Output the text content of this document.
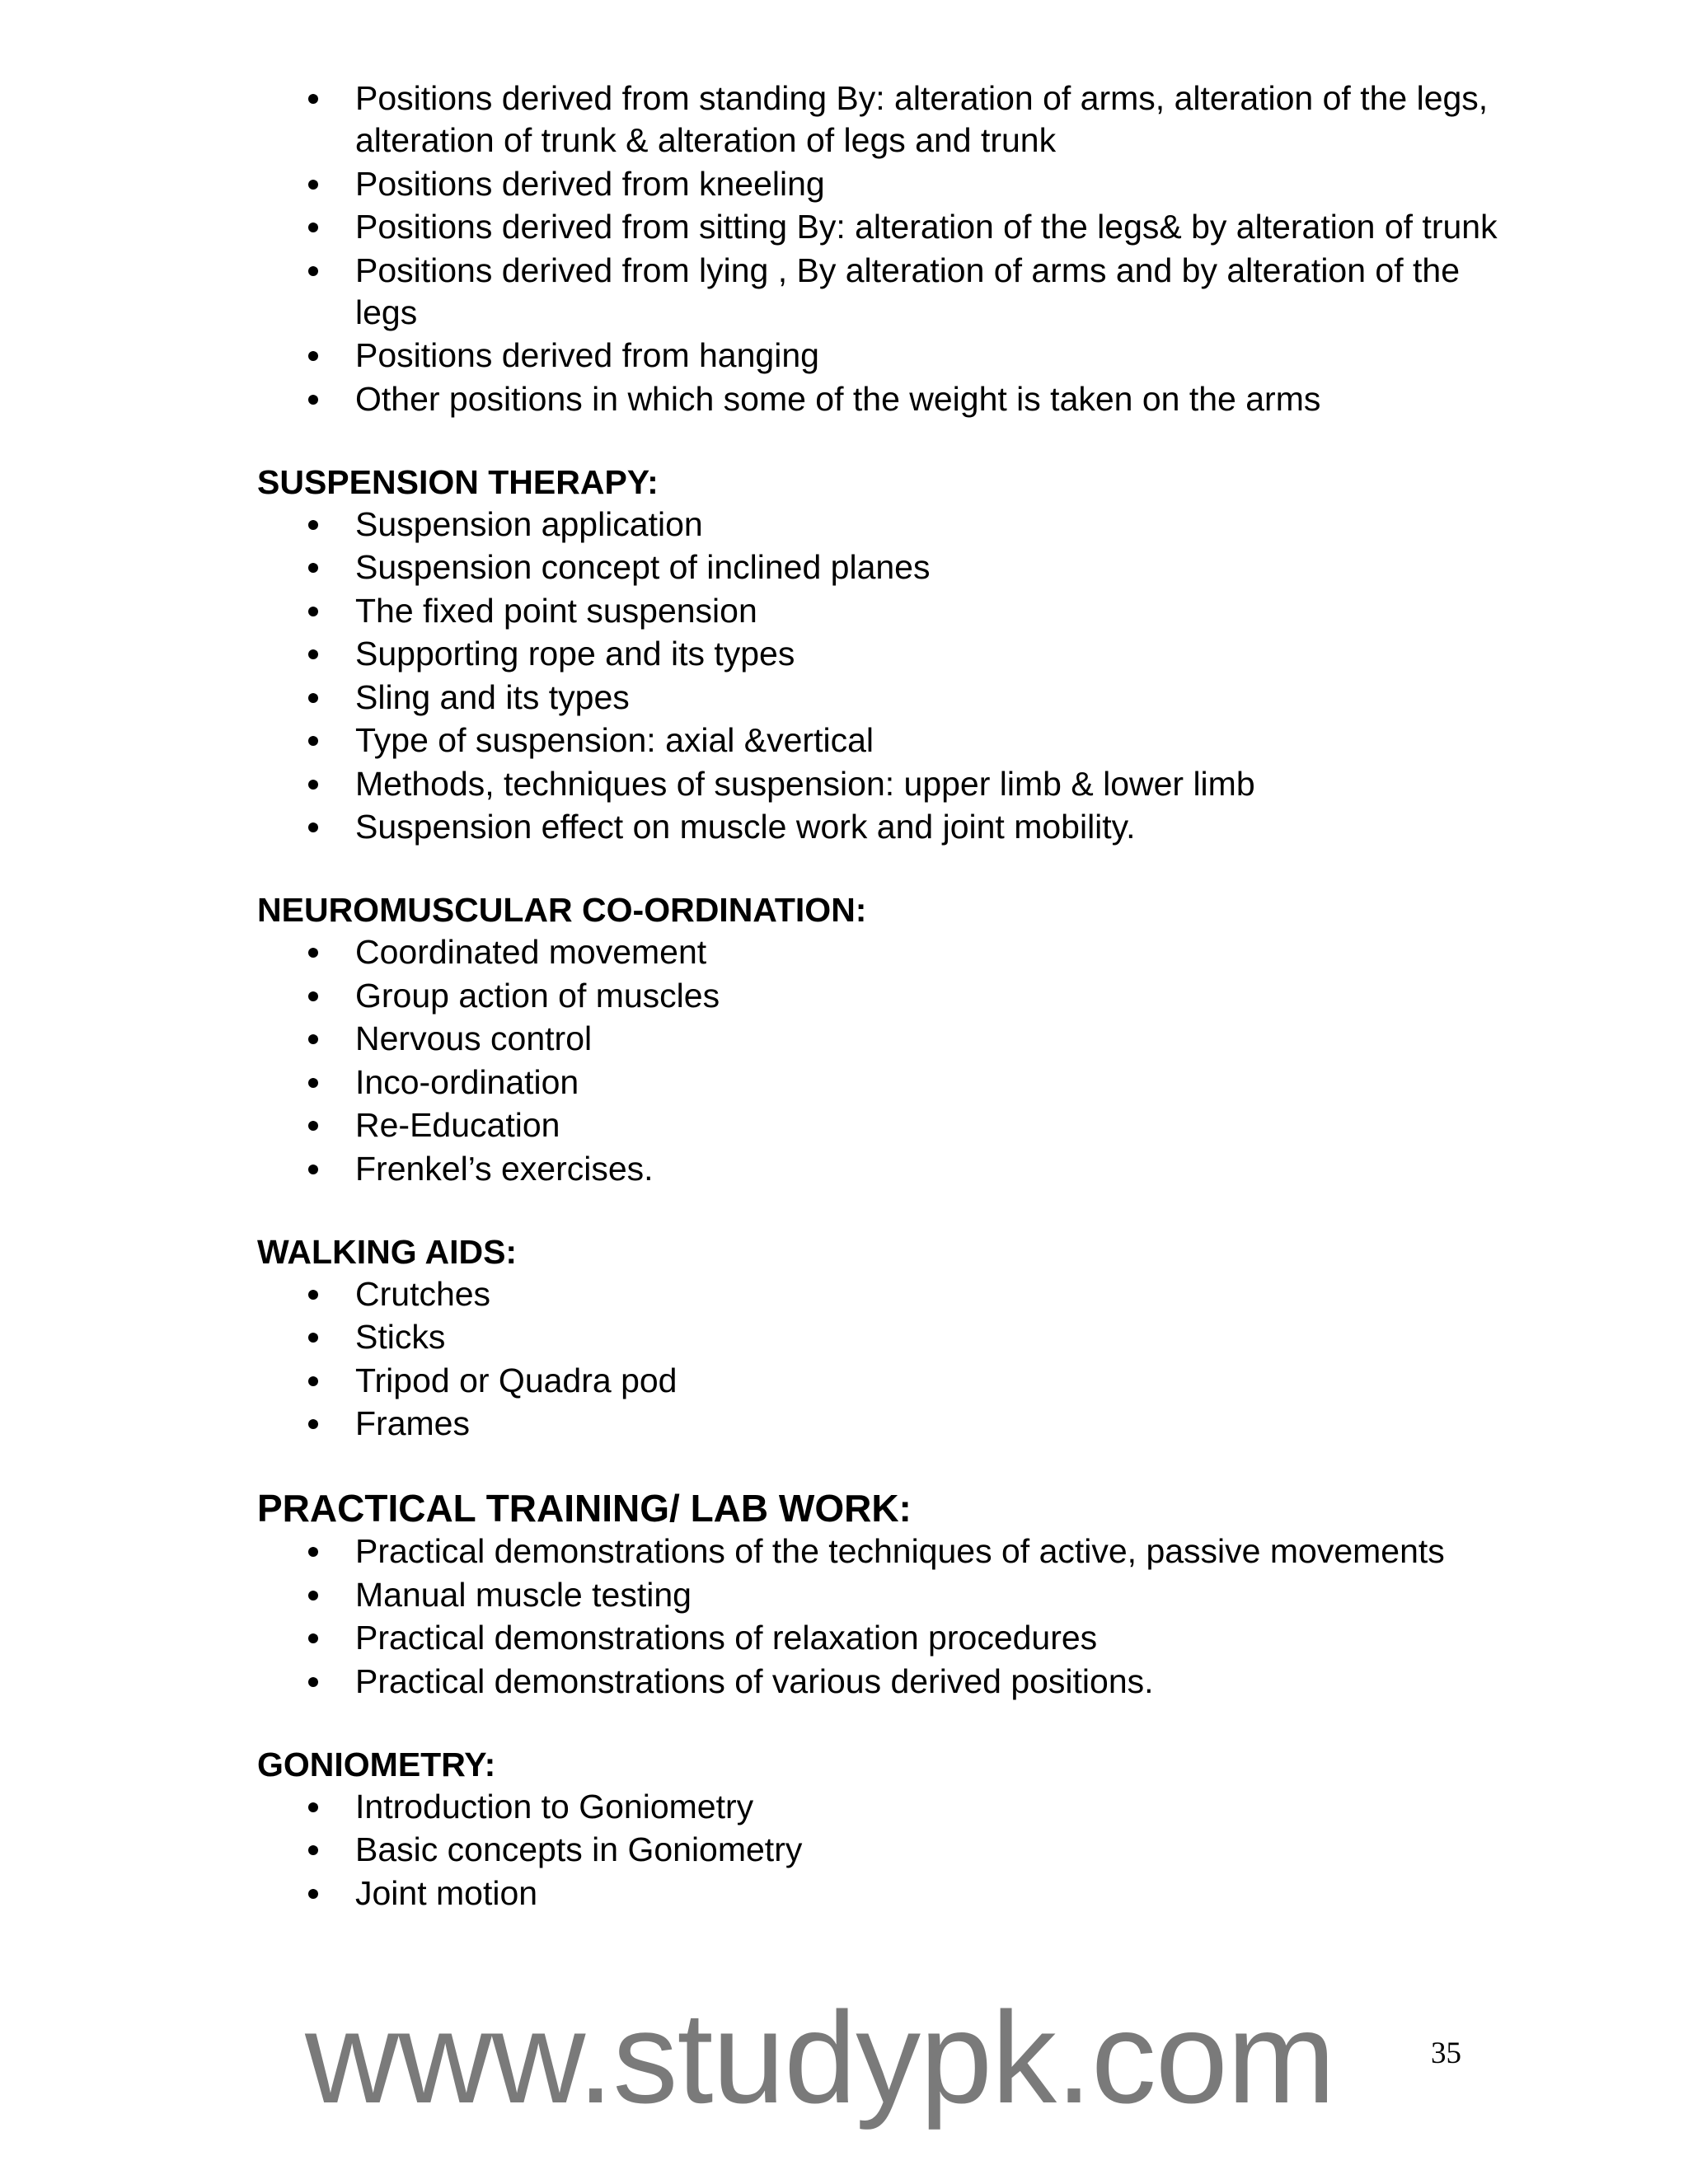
Positions derived from standing By: alteration of arms, alteration of the legs, alteration of trunk & alteration of legs and trunk
Positions derived from kneeling
Positions derived from sitting By: alteration of the legs& by alteration of trunk
Positions derived from lying , By alteration of arms and by alteration of the legs
Positions derived from hanging
Other positions in which some of the weight is taken on the arms
SUSPENSION THERAPY:
Suspension application
Suspension concept of inclined planes
The fixed point suspension
Supporting rope and its types
Sling and its types
Type of suspension: axial &vertical
Methods, techniques of suspension: upper limb & lower limb
Suspension effect on muscle work and joint mobility.
NEUROMUSCULAR CO-ORDINATION:
Coordinated movement
Group action of muscles
Nervous control
Inco-ordination
Re-Education
Frenkel’s exercises.
WALKING AIDS:
Crutches
Sticks
Tripod or Quadra pod
Frames
PRACTICAL TRAINING/ LAB WORK:
Practical demonstrations of the techniques of active, passive movements
Manual muscle testing
Practical demonstrations of relaxation procedures
Practical demonstrations of various derived positions.
GONIOMETRY:
Introduction to Goniometry
Basic concepts in Goniometry
Joint motion
www.studypk.com	35
